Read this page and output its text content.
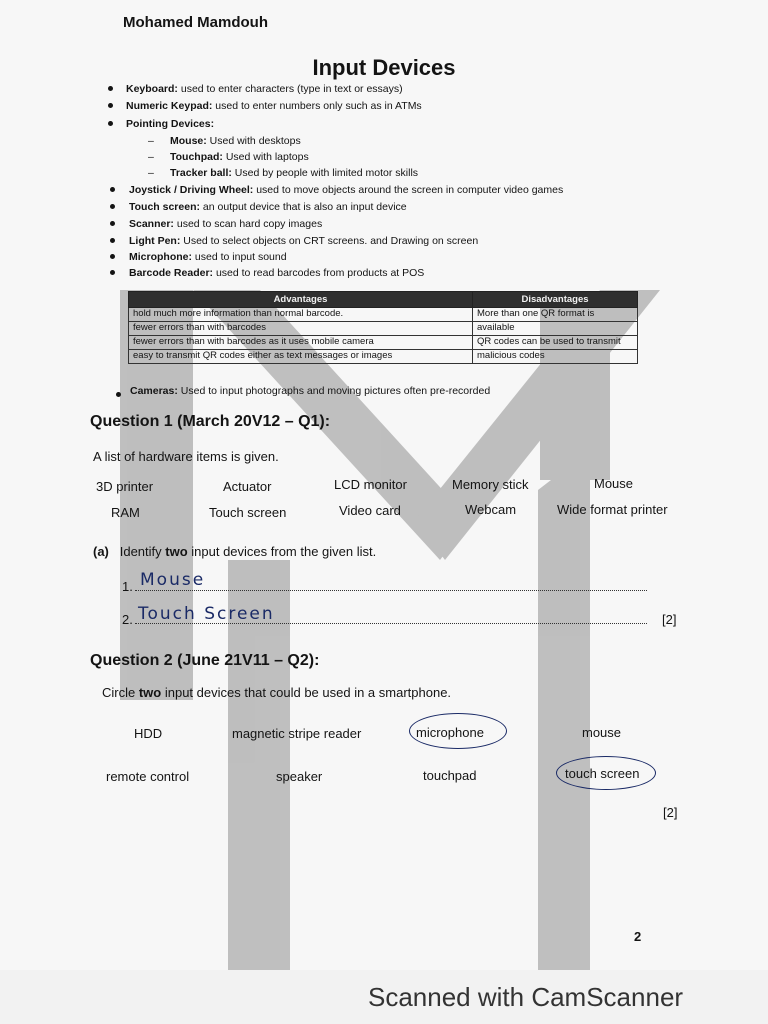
Mohamed Mamdouh
Input Devices
Keyboard: used to enter characters (type in text or essays)
Numeric Keypad: used to enter numbers only such as in ATMs
Pointing Devices:
– Mouse: Used with desktops
– Touchpad: Used with laptops
– Tracker ball: Used by people with limited motor skills
Joystick / Driving Wheel: used to move objects around the screen in computer video games
Touch screen: an output device that is also an input device
Scanner: used to scan hard copy images
Light Pen: Used to select objects on CRT screens. and Drawing on screen
Microphone: used to input sound
Barcode Reader: used to read barcodes from products at POS
Advantages	Disadvantages
hold much more information than normal barcode.	More than one QR format is
fewer errors than with barcodes	available
fewer errors than with barcodes as it uses mobile camera	QR codes can be used to transmit
easy to transmit QR codes either as text messages or images	malicious codes
Cameras: Used to input photographs and moving pictures often pre-recorded
Question 1 (March 20V12 – Q1):
A list of hardware items is given.
3D printer	Actuator	LCD monitor	Memory stick	Mouse
RAM	Touch screen	Video card	Webcam	Wide format printer
(a) Identify two input devices from the given list.
1. Mouse
2. Touch Screen	[2]
Question 2 (June 21V11 – Q2):
Circle two input devices that could be used in a smartphone.
HDD	magnetic stripe reader	microphone	mouse
remote control	speaker	touchpad	touch screen
[2]
2
Scanned with CamScanner
